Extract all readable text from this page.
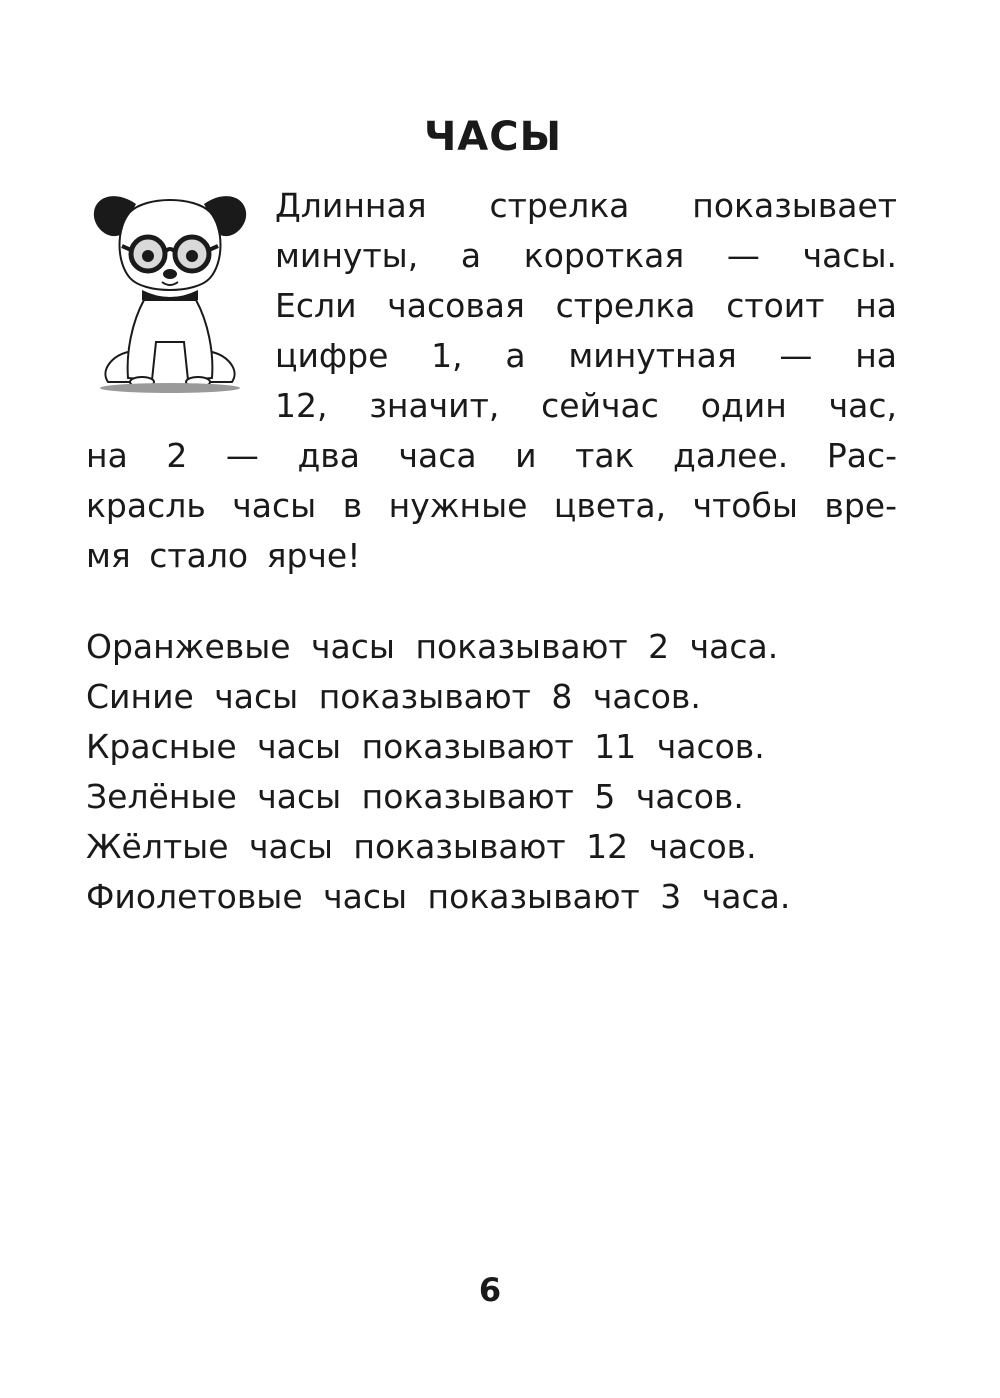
ЧАСЫ
Длинная стрелка показывает
минуты, а короткая — часы.
Если часовая стрелка стоит на
цифре 1, а минутная — на
12, значит, сейчас один час,
на 2 — два часа и так далее. Рас-
красль часы в нужные цвета, чтобы вре-
мя стало ярче!
Оранжевые часы показывают 2 часа.
Синие часы показывают 8 часов.
Красные часы показывают 11 часов.
Зелёные часы показывают 5 часов.
Жёлтые часы показывают 12 часов.
Фиолетовые часы показывают 3 часа.
6
